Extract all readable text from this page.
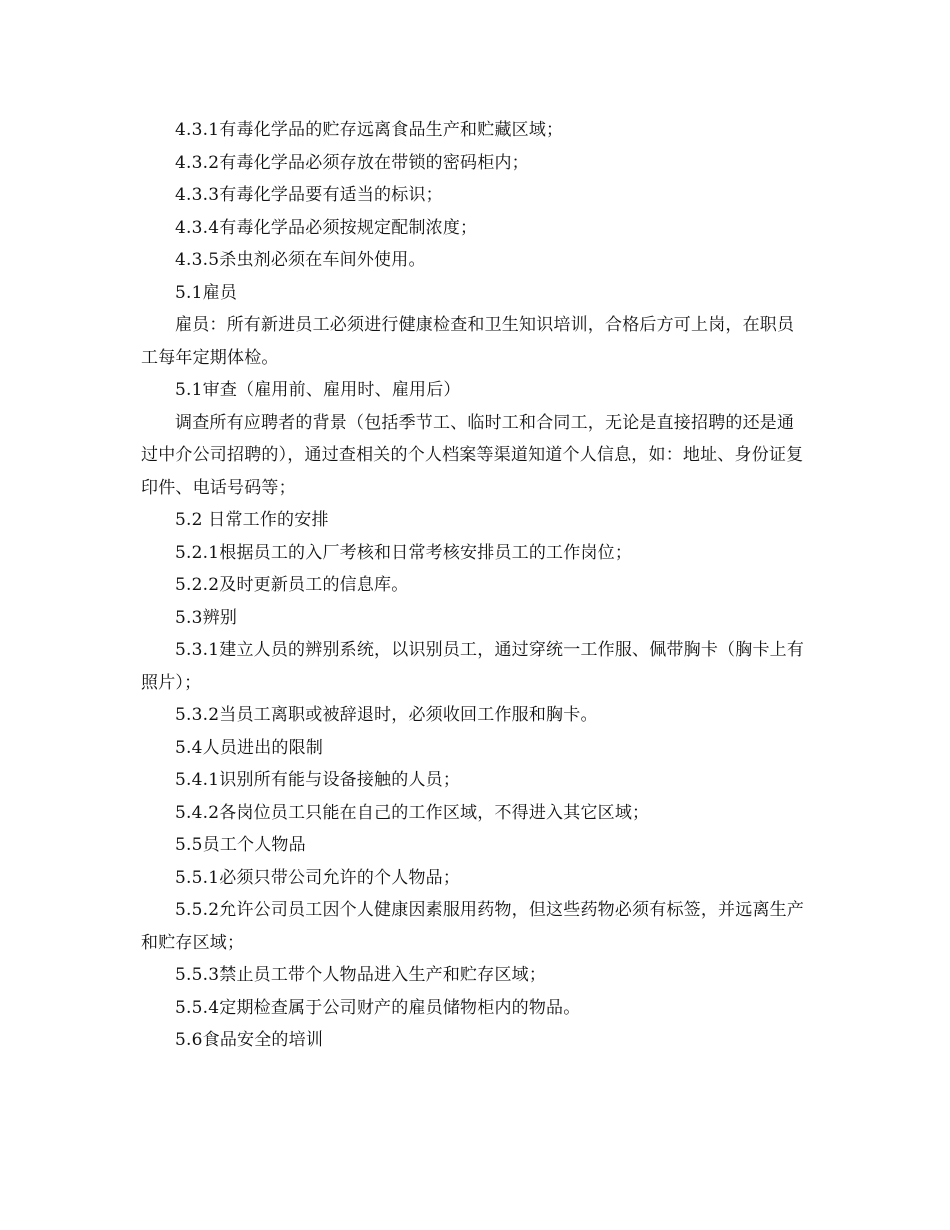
4.3.1有毒化学品的贮存远离食品生产和贮藏区域；

4.3.2有毒化学品必须存放在带锁的密码柜内；

4.3.3有毒化学品要有适当的标识；

4.3.4有毒化学品必须按规定配制浓度；

4.3.5杀虫剂必须在车间外使用。

5.1雇员

雇员：所有新进员工必须进行健康检查和卫生知识培训，合格后方可上岗，在职员工每年定期体检。

5.1审查（雇用前、雇用时、雇用后）

调查所有应聘者的背景（包括季节工、临时工和合同工，无论是直接招聘的还是通过中介公司招聘的），通过查相关的个人档案等渠道知道个人信息，如：地址、身份证复印件、电话号码等；

5.2 日常工作的安排

5.2.1根据员工的入厂考核和日常考核安排员工的工作岗位；

5.2.2及时更新员工的信息库。

5.3辨别

5.3.1建立人员的辨别系统，以识别员工，通过穿统一工作服、佩带胸卡（胸卡上有照片）；

5.3.2当员工离职或被辞退时，必须收回工作服和胸卡。

5.4人员进出的限制

5.4.1识别所有能与设备接触的人员；

5.4.2各岗位员工只能在自己的工作区域，不得进入其它区域；

5.5员工个人物品

5.5.1必须只带公司允许的个人物品；

5.5.2允许公司员工因个人健康因素服用药物，但这些药物必须有标签，并远离生产和贮存区域；

5.5.3禁止员工带个人物品进入生产和贮存区域；

5.5.4定期检查属于公司财产的雇员储物柜内的物品。

5.6食品安全的培训
